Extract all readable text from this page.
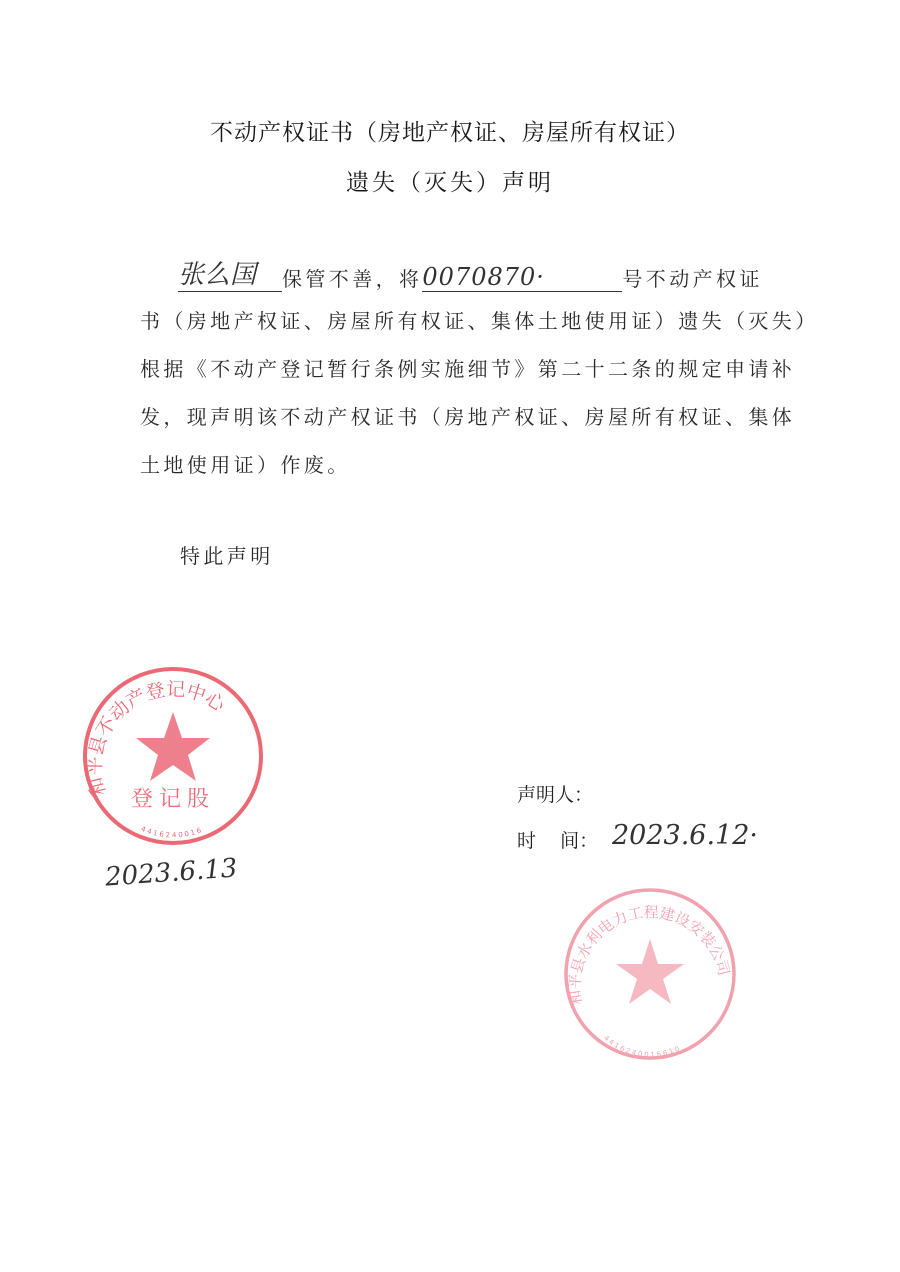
不动产权证书（房地产权证、房屋所有权证）
遗失（灭失）声明
张么国 保管不善，将0070870·	号不动产权证
书（房地产权证、房屋所有权证、集体土地使用证）遗失（灭失）
根据《不动产登记暂行条例实施细节》第二十二条的规定申请补
发，现声明该不动产权证书（房地产权证、房屋所有权证、集体
土地使用证）作废。
特此声明
和平县不动产登记中心
登记股
4416240016
2023.6.13
和平县水利电力工程建设安装公司
4416240016610
声明人：
时    间： 2023.6.12·
